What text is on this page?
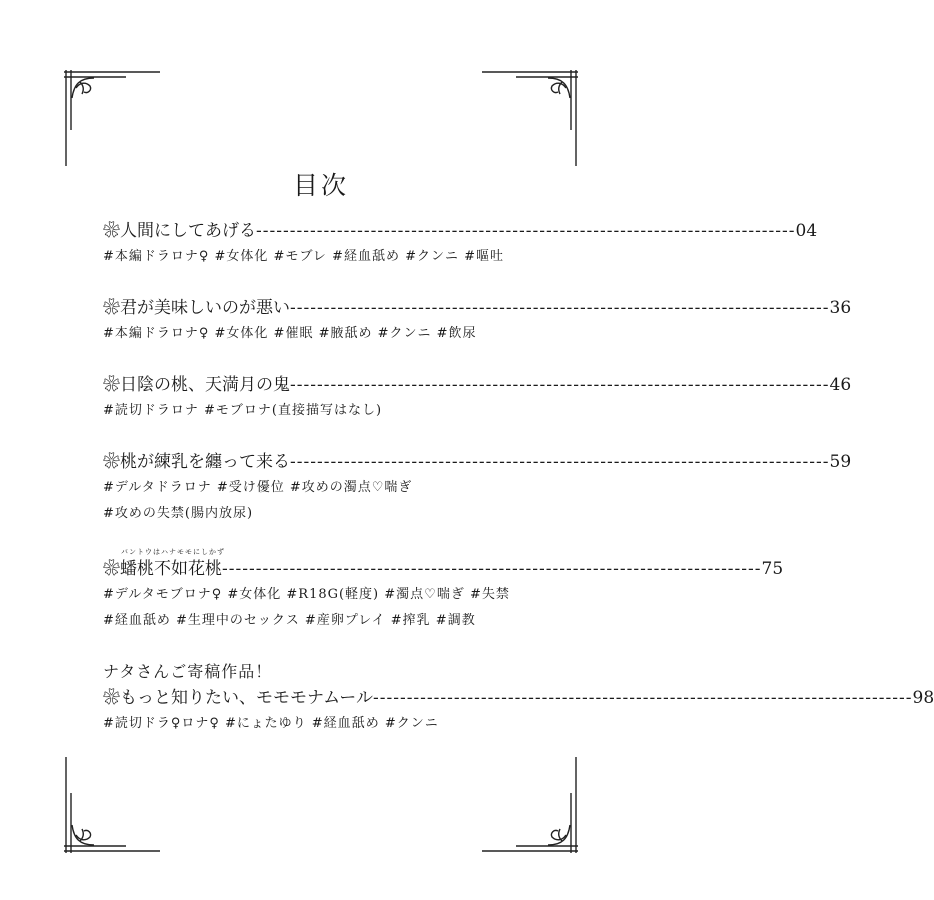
目次
❀人間にしてあげる -------------------------------------------------------------------------------- 04
#本編ドラロナ♀ #女体化 #モブレ #経血舐め #クンニ #嘔吐
❀君が美味しいのが悪い -------------------------------------------------------------------------------- 36
#本編ドラロナ♀ #女体化 #催眠 #腋舐め #クンニ #飲尿
❀日陰の桃、天満月の鬼 -------------------------------------------------------------------------------- 46
#読切ドラロナ #モブロナ(直接描写はなし)
❀桃が練乳を纏って来る -------------------------------------------------------------------------------- 59
#デルタドラロナ #受け優位 #攻めの濁点♡喘ぎ
#攻めの失禁(腸内放尿)
バントウはハナモモにしかず
❀蟠桃不如花桃 -------------------------------------------------------------------------------- 75
#デルタモブロナ♀ #女体化 #R18G(軽度) #濁点♡喘ぎ #失禁
#経血舐め #生理中のセックス #産卵プレイ #搾乳 #調教
ナタさんご寄稿作品！
❀もっと知りたい、モモモナムール -------------------------------------------------------------------------------- 98
#読切ドラ♀ロナ♀ #にょたゆり #経血舐め #クンニ
